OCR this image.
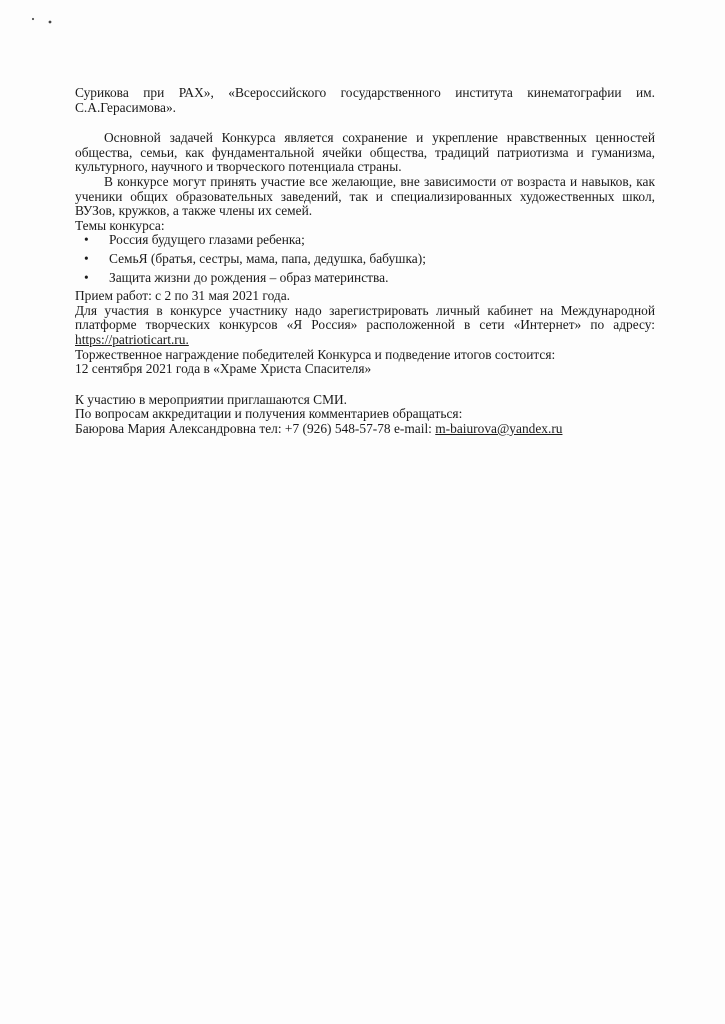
Сурикова при РАХ», «Всероссийского государственного института кинематографии им.
С.А.Герасимова».

Основной задачей Конкурса является сохранение и укрепление нравственных ценностей общества, семьи, как фундаментальной ячейки общества, традиций патриотизма и гуманизма, культурного, научного и творческого потенциала страны.

В конкурсе могут принять участие все желающие, вне зависимости от возраста и навыков, как ученики общих образовательных заведений, так и специализированных художественных школ, ВУЗов, кружков, а также члены их семей.

Темы конкурса:

• Россия будущего глазами ребенка;
• СемьЯ (братья, сестры, мама, папа, дедушка, бабушка);
• Защита жизни до рождения – образ материнства.

Прием работ: с 2 по 31 мая 2021 года.

Для участия в конкурсе участнику надо зарегистрировать личный кабинет на Международной платформе творческих конкурсов «Я Россия» расположенной в сети «Интернет» по адресу: https://patrioticart.ru.

Торжественное награждение победителей Конкурса и подведение итогов состоится:

12 сентября 2021 года в «Храме Христа Спасителя»

К участию в мероприятии приглашаются СМИ.

По вопросам аккредитации и получения комментариев обращаться:

Баюрова Мария Александровна тел: +7 (926) 548-57-78 e-mail: m-baiurova@yandex.ru
